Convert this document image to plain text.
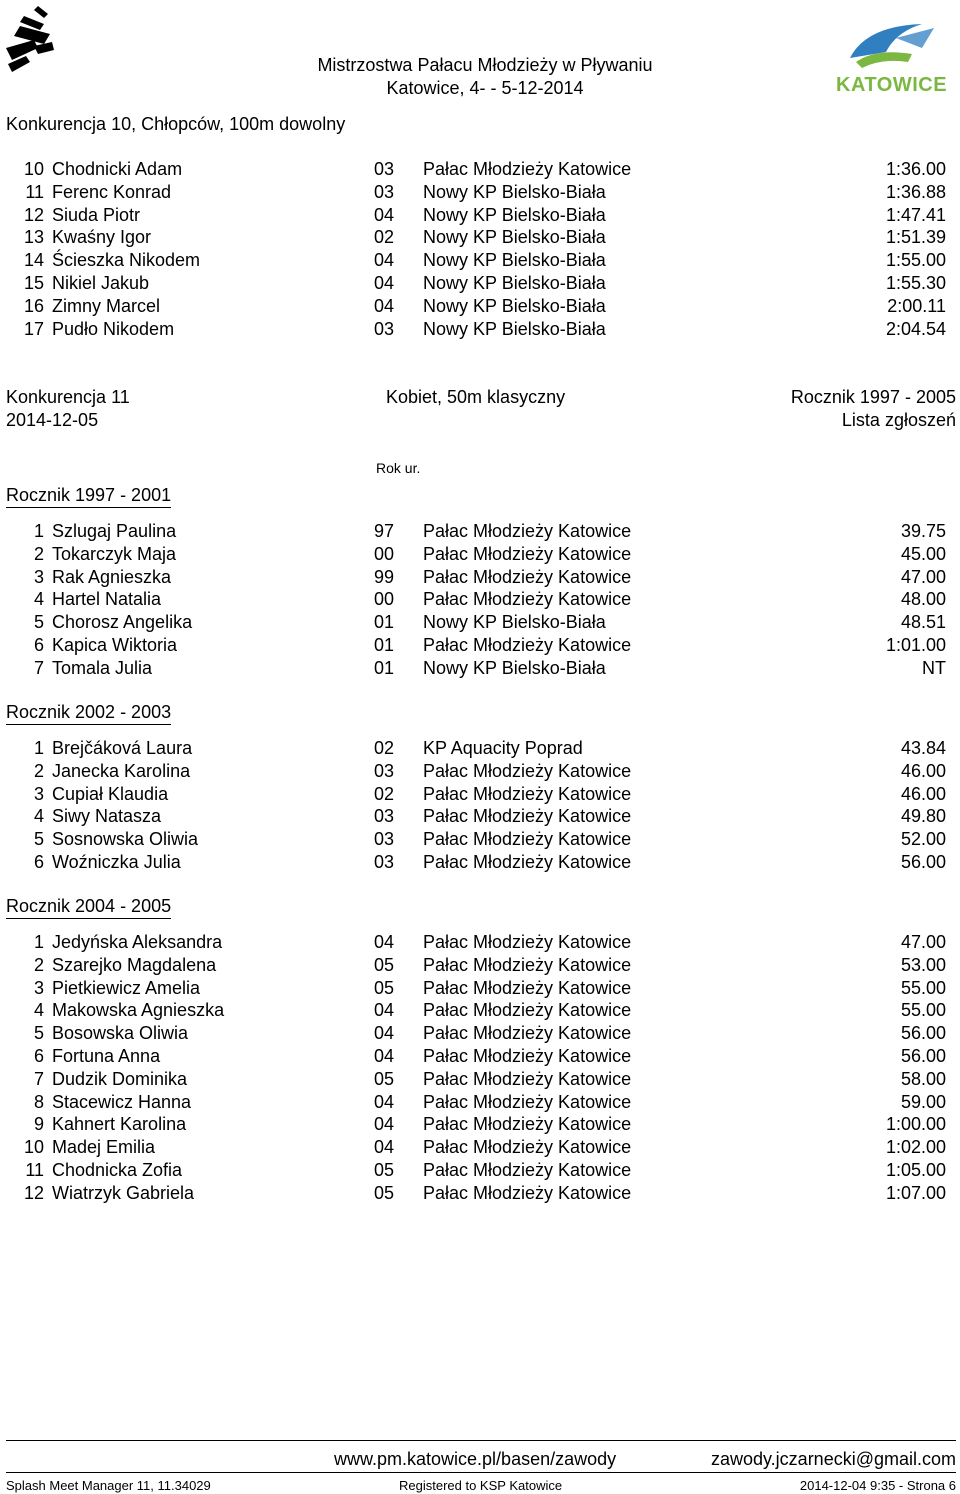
KATOWICE
Mistrzostwa Pałacu Młodzieży w Pływaniu
Katowice, 4- - 5-12-2014
Konkurencja 10, Chłopców, 100m dowolny
10 Chodnicki Adam	03 Pałac Młodzieży Katowice	1:36.00
11 Ferenc Konrad	03 Nowy KP Bielsko-Biała	1:36.88
12 Siuda Piotr	04 Nowy KP Bielsko-Biała	1:47.41
13 Kwaśny Igor	02 Nowy KP Bielsko-Biała	1:51.39
14 Ścieszka Nikodem	04 Nowy KP Bielsko-Biała	1:55.00
15 Nikiel Jakub	04 Nowy KP Bielsko-Biała	1:55.30
16 Zimny Marcel	04 Nowy KP Bielsko-Biała	2:00.11
17 Pudło Nikodem	03 Nowy KP Bielsko-Biała	2:04.54
Konkurencja 11	Kobiet, 50m klasyczny	Rocznik 1997 - 2005
2014-12-05	Lista zgłoszeń
Rok ur.
Rocznik 1997 - 2001
1 Szlugaj Paulina	97 Pałac Młodzieży Katowice	39.75
2 Tokarczyk Maja	00 Pałac Młodzieży Katowice	45.00
3 Rak Agnieszka	99 Pałac Młodzieży Katowice	47.00
4 Hartel Natalia	00 Pałac Młodzieży Katowice	48.00
5 Chorosz Angelika	01 Nowy KP Bielsko-Biała	48.51
6 Kapica Wiktoria	01 Pałac Młodzieży Katowice	1:01.00
7 Tomala Julia	01 Nowy KP Bielsko-Biała	NT
Rocznik 2002 - 2003
1 Brejčáková Laura	02 KP Aquacity Poprad	43.84
2 Janecka Karolina	03 Pałac Młodzieży Katowice	46.00
3 Cupiał Klaudia	02 Pałac Młodzieży Katowice	46.00
4 Siwy Natasza	03 Pałac Młodzieży Katowice	49.80
5 Sosnowska Oliwia	03 Pałac Młodzieży Katowice	52.00
6 Woźniczka Julia	03 Pałac Młodzieży Katowice	56.00
Rocznik 2004 - 2005
1 Jedyńska Aleksandra	04 Pałac Młodzieży Katowice	47.00
2 Szarejko Magdalena	05 Pałac Młodzieży Katowice	53.00
3 Pietkiewicz Amelia	05 Pałac Młodzieży Katowice	55.00
4 Makowska Agnieszka	04 Pałac Młodzieży Katowice	55.00
5 Bosowska Oliwia	04 Pałac Młodzieży Katowice	56.00
6 Fortuna Anna	04 Pałac Młodzieży Katowice	56.00
7 Dudzik Dominika	05 Pałac Młodzieży Katowice	58.00
8 Stacewicz Hanna	04 Pałac Młodzieży Katowice	59.00
9 Kahnert Karolina	04 Pałac Młodzieży Katowice	1:00.00
10 Madej Emilia	04 Pałac Młodzieży Katowice	1:02.00
11 Chodnicka Zofia	05 Pałac Młodzieży Katowice	1:05.00
12 Wiatrzyk Gabriela	05 Pałac Młodzieży Katowice	1:07.00
www.pm.katowice.pl/basen/zawody	zawody.jczarnecki@gmail.com
Splash Meet Manager 11, 11.34029	Registered to KSP Katowice	2014-12-04 9:35 - Strona 6
